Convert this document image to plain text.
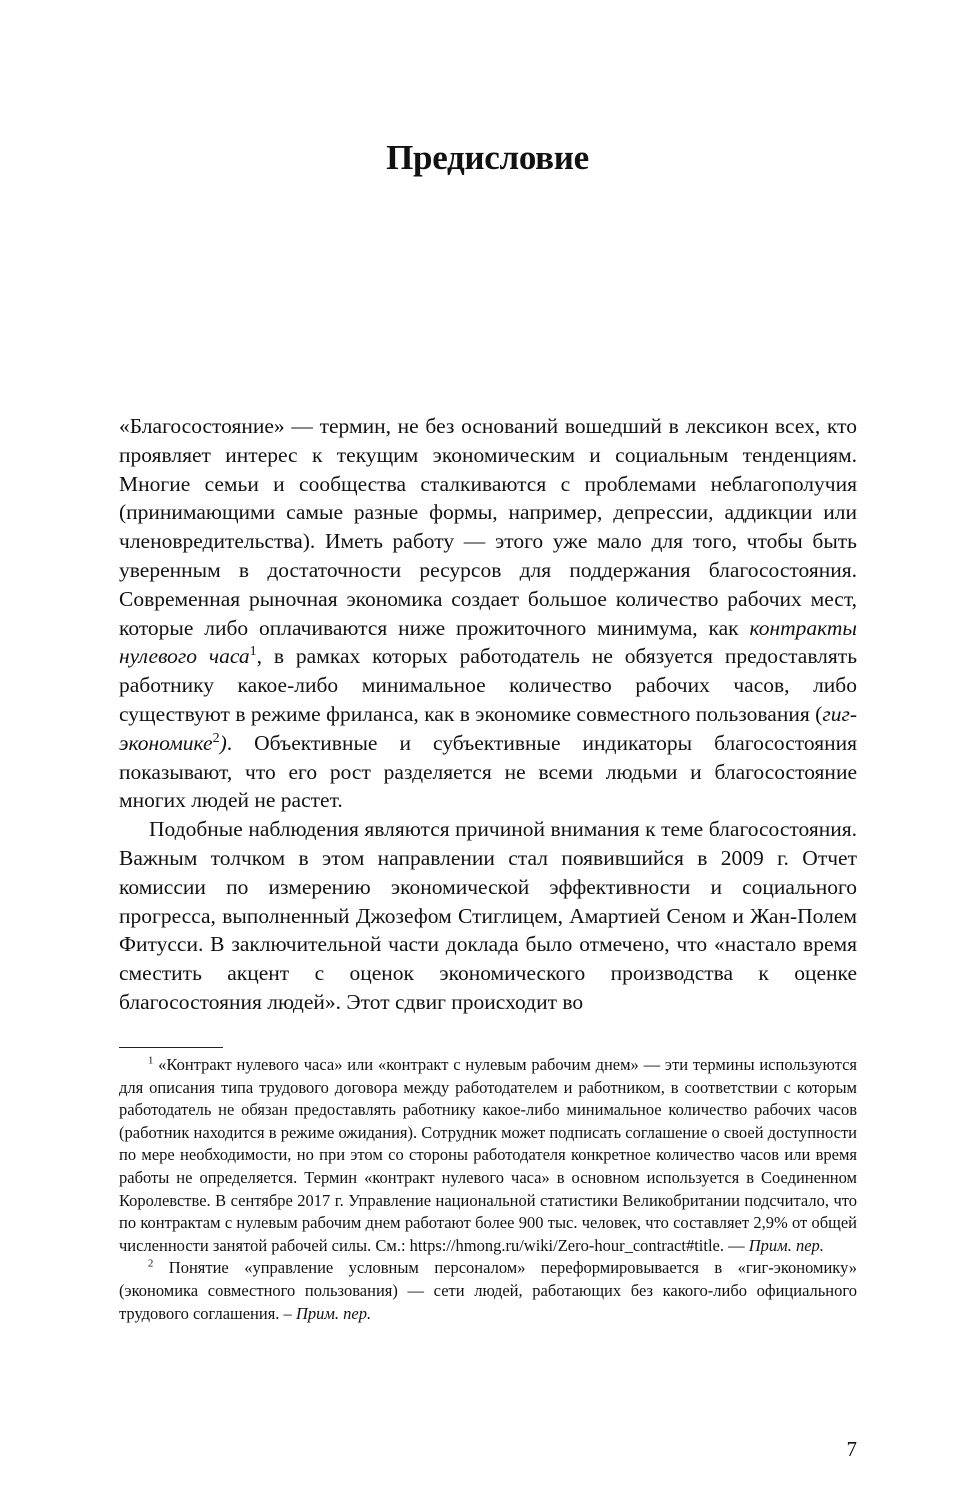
Предисловие

«Благосостояние» — термин, не без оснований вошедший в лексикон всех, кто проявляет интерес к текущим экономическим и социальным тенденциям. Многие семьи и сообщества сталкиваются с проблемами неблагополучия (принимающими самые разные формы, например, депрессии, аддикции или членовредительства). Иметь работу — этого уже мало для того, чтобы быть уверенным в достаточности ресурсов для поддержания благосостояния. Современная рыночная экономика создает большое количество рабочих мест, которые либо оплачиваются ниже прожиточного минимума, как контракты нулевого часа$^1$, в рамках которых работодатель не обязуется предоставлять работнику какое-либо минимальное количество рабочих часов, либо существуют в режиме фриланса, как в экономике совместного пользования (гиг-экономике$^2$). Объективные и субъективные индикаторы благосостояния показывают, что его рост разделяется не всеми людьми и благосостояние многих людей не растет.

Подобные наблюдения являются причиной внимания к теме благосостояния. Важным толчком в этом направлении стал появившийся в 2009 г. Отчет комиссии по измерению экономической эффективности и социального прогресса, выполненный Джозефом Стиглицем, Амартией Сеном и Жан-Полем Фитусси. В заключительной части доклада было отмечено, что «настало время сместить акцент с оценок экономического производства к оценке благосостояния людей». Этот сдвиг происходит во

$^1$ «Контракт нулевого часа» или «контракт с нулевым рабочим днем» — эти термины используются для описания типа трудового договора между работодателем и работником, в соответствии с которым работодатель не обязан предоставлять работнику какое-либо минимальное количество рабочих часов (работник находится в режиме ожидания). Сотрудник может подписать соглашение о своей доступности по мере необходимости, но при этом со стороны работодателя конкретное количество часов или время работы не определяется. Термин «контракт нулевого часа» в основном используется в Соединенном Королевстве. В сентябре 2017 г. Управление национальной статистики Великобритании подсчитало, что по контрактам с нулевым рабочим днем работают более 900 тыс. человек, что составляет 2,9% от общей численности занятой рабочей силы. См.: https://hmong.ru/wiki/Zero-hour_contract#title. — Прим. пер.

$^2$ Понятие «управление условным персоналом» переформировывается в «гиг-экономику» (экономика совместного пользования) — сети людей, работающих без какого-либо официального трудового соглашения. – Прим. пер.

7
